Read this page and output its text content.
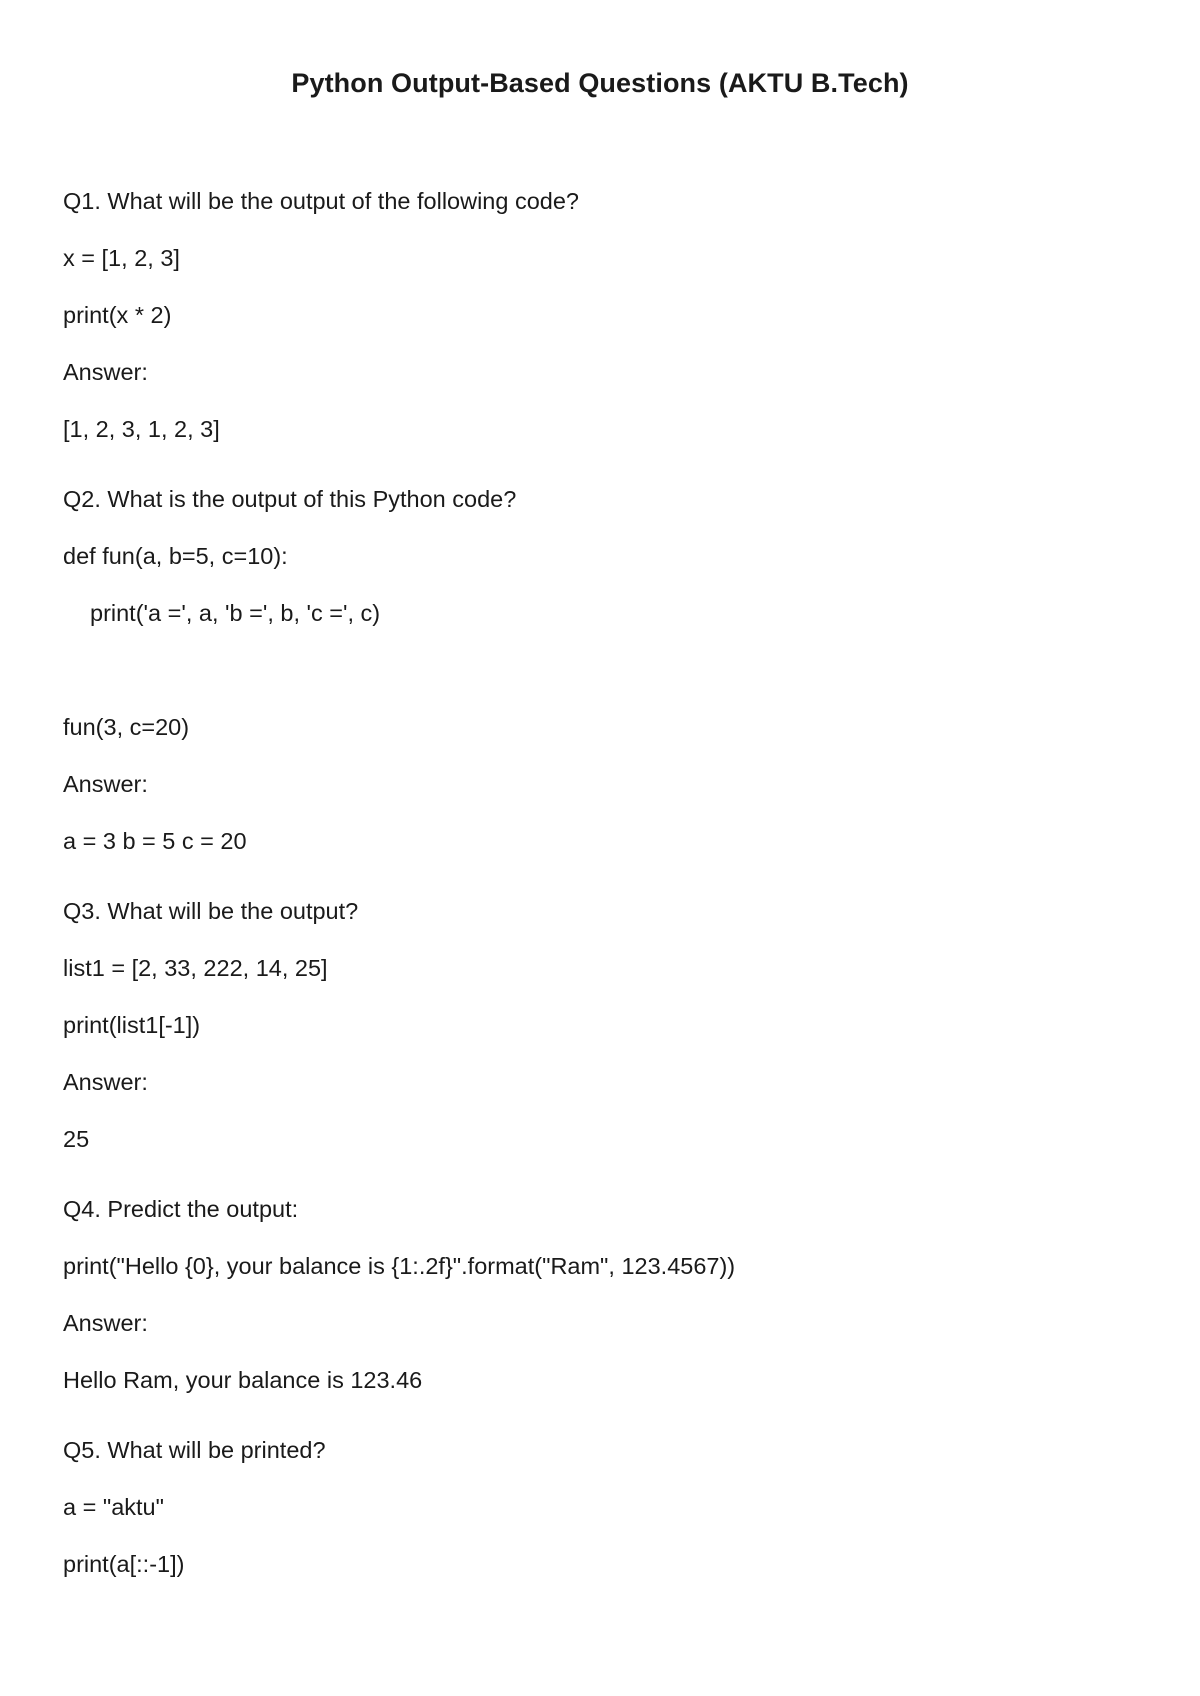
Python Output-Based Questions (AKTU B.Tech)
Q1. What will be the output of the following code?
x = [1, 2, 3]
print(x * 2)
Answer:
[1, 2, 3, 1, 2, 3]
Q2. What is the output of this Python code?
def fun(a, b=5, c=10):
print('a =', a, 'b =', b, 'c =', c)
fun(3, c=20)
Answer:
a = 3 b = 5 c = 20
Q3. What will be the output?
list1 = [2, 33, 222, 14, 25]
print(list1[-1])
Answer:
25
Q4. Predict the output:
print("Hello {0}, your balance is {1:.2f}".format("Ram", 123.4567))
Answer:
Hello Ram, your balance is 123.46
Q5. What will be printed?
a = "aktu"
print(a[::-1])
